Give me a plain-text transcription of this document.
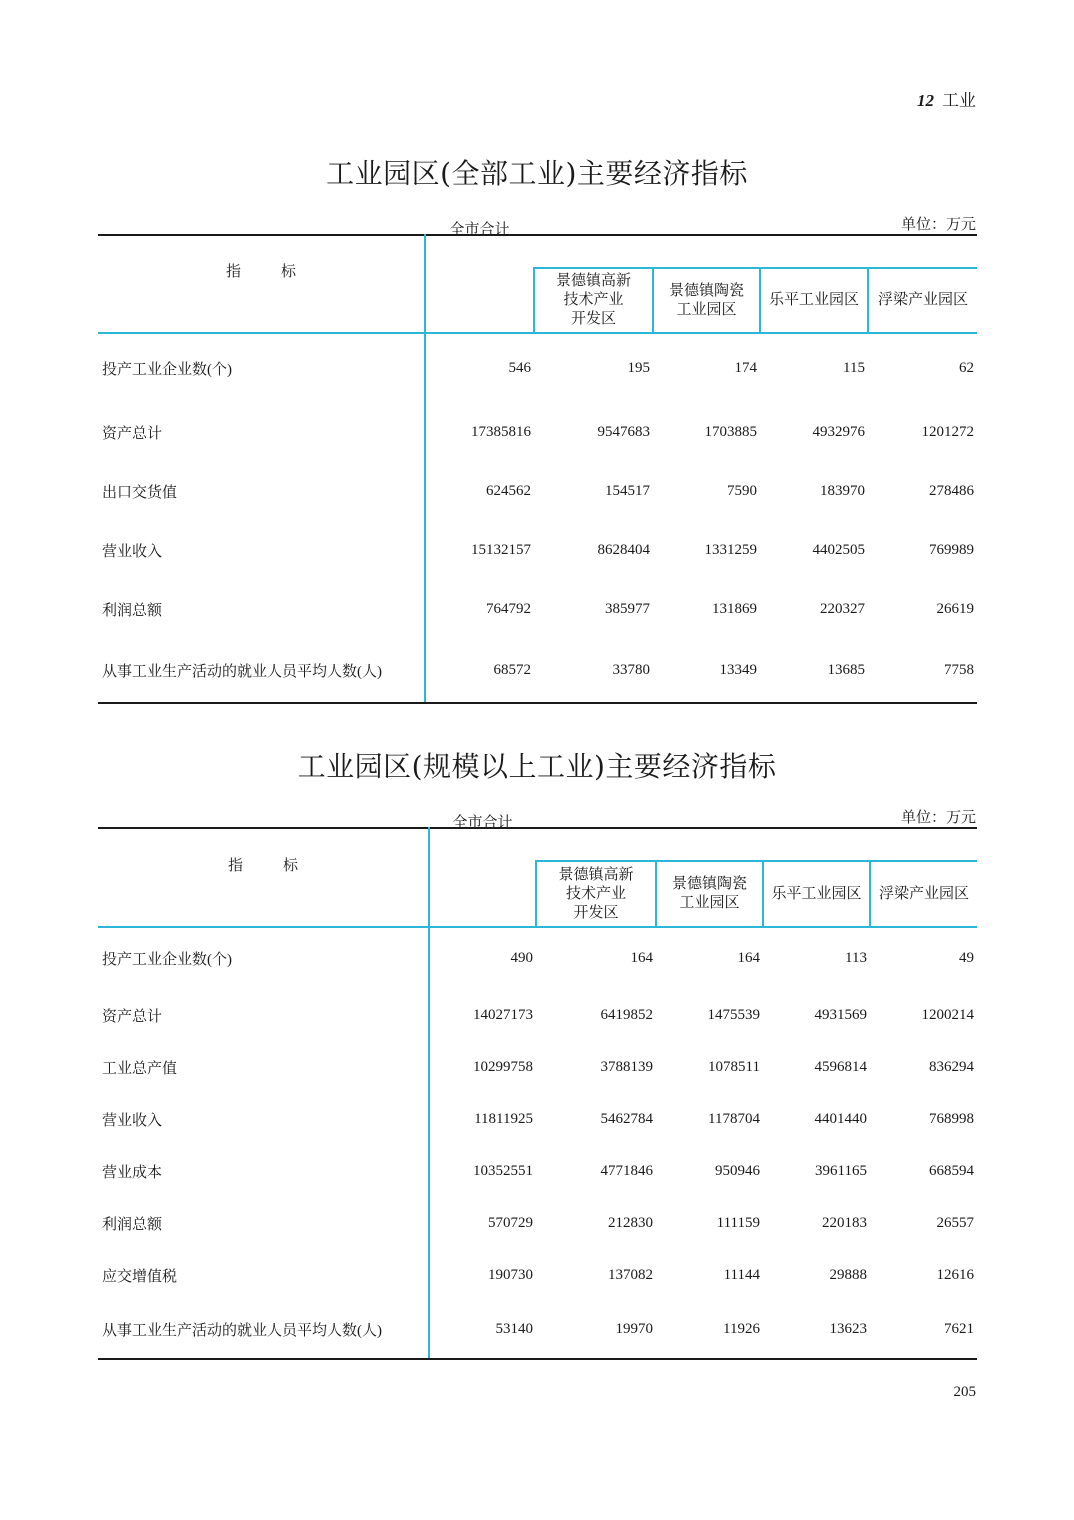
12 工业
工业园区(全部工业)主要经济指标
单位：万元
指 标	全市合计				

		景德镇高新
技术产业
开发区	景德镇陶瓷
工业园区	乐平工业园区	浮梁产业园区
投产工业企业数(个)	546	195	174	115	62
资产总计	17385816	9547683	1703885	4932976	1201272
出口交货值	624562	154517	7590	183970	278486
营业收入	15132157	8628404	1331259	4402505	769989
利润总额	764792	385977	131869	220327	26619
从事工业生产活动的就业人员平均人数(人)	68572	33780	13349	13685	7758
工业园区(规模以上工业)主要经济指标
单位：万元
指 标	全市合计				

		景德镇高新
技术产业
开发区	景德镇陶瓷
工业园区	乐平工业园区	浮梁产业园区
投产工业企业数(个)	490	164	164	113	49
资产总计	14027173	6419852	1475539	4931569	1200214
工业总产值	10299758	3788139	1078511	4596814	836294
营业收入	11811925	5462784	1178704	4401440	768998
营业成本	10352551	4771846	950946	3961165	668594
利润总额	570729	212830	111159	220183	26557
应交增值税	190730	137082	11144	29888	12616
从事工业生产活动的就业人员平均人数(人)	53140	19970	11926	13623	7621
205
